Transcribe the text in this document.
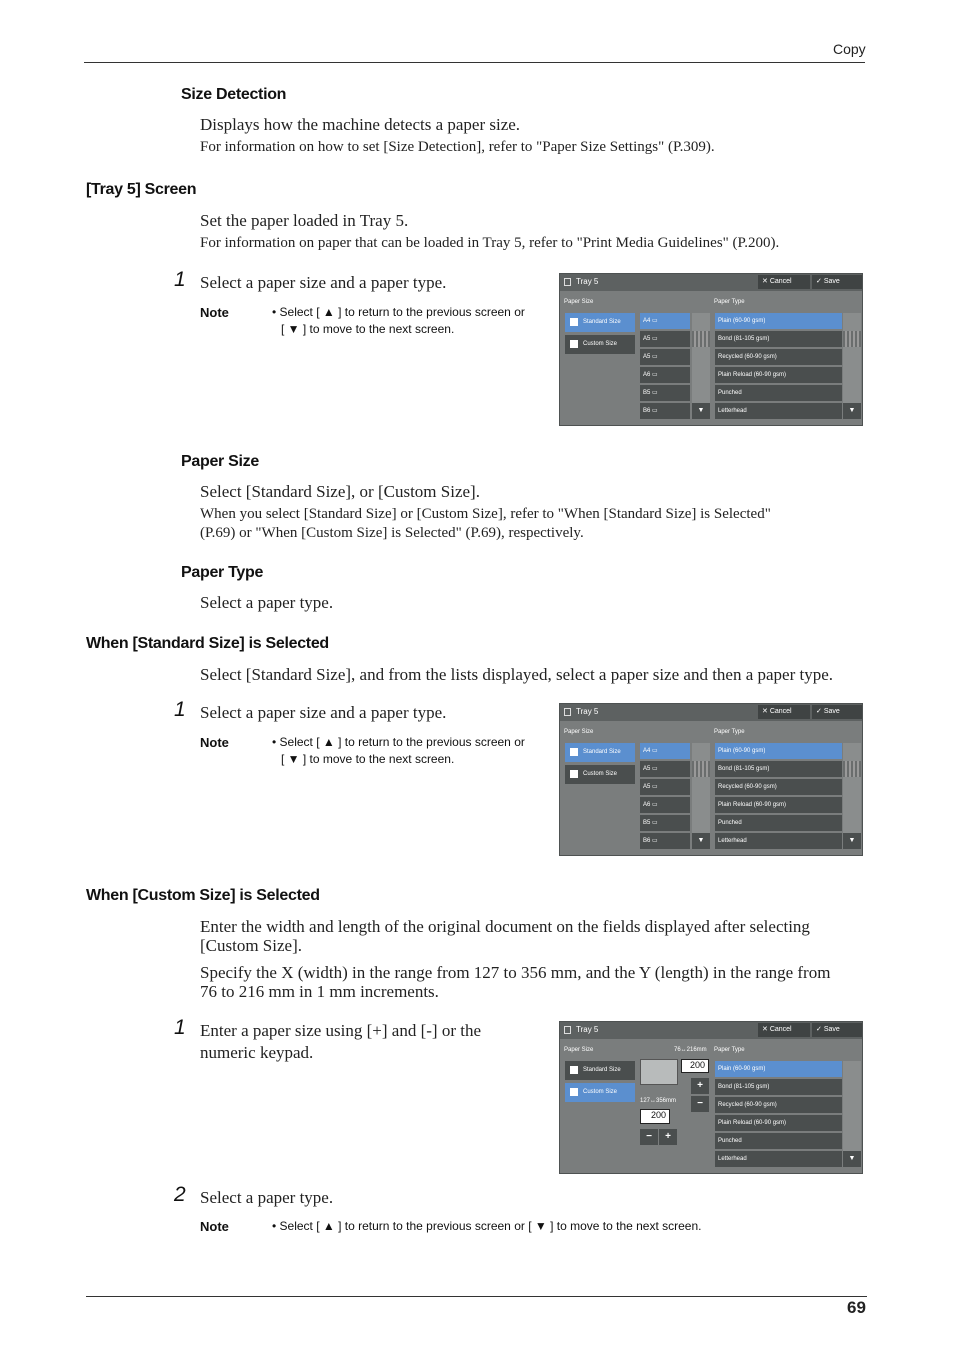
Copy
Size Detection
Displays how the machine detects a paper size.
For information on how to set [Size Detection], refer to "Paper Size Settings" (P.309).
[Tray 5] Screen
Set the paper loaded in Tray 5.
For information on paper that can be loaded in Tray 5, refer to "Print Media Guidelines" (P.200).
1 Select a paper size and a paper type.
Note	• Select [ ▲ ] to return to the previous screen or
[ ▼ ] to move to the next screen.
Tray 5	✕ Cancel	✓ Save
Paper Size	Paper Type
Standard Size
Custom Size
A4 ▭
A5 ▭
A5 ▭
A6 ▭
B5 ▭
B6 ▭	▼
Plain (60-90 gsm)
Bond (81-105 gsm)
Recycled (60-90 gsm)
Plain Reload (60-90 gsm)
Punched
Letterhead	▼
Paper Size
Select [Standard Size], or [Custom Size].
When you select [Standard Size] or [Custom Size], refer to "When [Standard Size] is Selected"
(P.69) or "When [Custom Size] is Selected" (P.69), respectively.
Paper Type
Select a paper type.
When [Standard Size] is Selected
Select [Standard Size], and from the lists displayed, select a paper size and then a paper type.
1 Select a paper size and a paper type.
Note	• Select [ ▲ ] to return to the previous screen or
[ ▼ ] to move to the next screen.
Tray 5	✕ Cancel	✓ Save
Paper Size	Paper Type
Standard Size
Custom Size
A4 ▭
A5 ▭
A5 ▭
A6 ▭
B5 ▭
B6 ▭	▼
Plain (60-90 gsm)
Bond (81-105 gsm)
Recycled (60-90 gsm)
Plain Reload (60-90 gsm)
Punched
Letterhead	▼
When [Custom Size] is Selected
Enter the width and length of the original document on the fields displayed after selecting
[Custom Size].
Specify the X (width) in the range from 127 to 356 mm, and the Y (length) in the range from
76 to 216 mm in 1 mm increments.
1 Enter a paper size using [+] and [-] or the
numeric keypad.
Tray 5	✕ Cancel	✓ Save
Paper Size	Paper Type
Standard Size
Custom Size
76↔216mm
200
+
−
127↔356mm
200
−	+
Plain (60-90 gsm)
Bond (81-105 gsm)
Recycled (60-90 gsm)
Plain Reload (60-90 gsm)
Punched
Letterhead	▼
2 Select a paper type.
Note	• Select [ ▲ ] to return to the previous screen or [ ▼ ] to move to the next screen.
69
